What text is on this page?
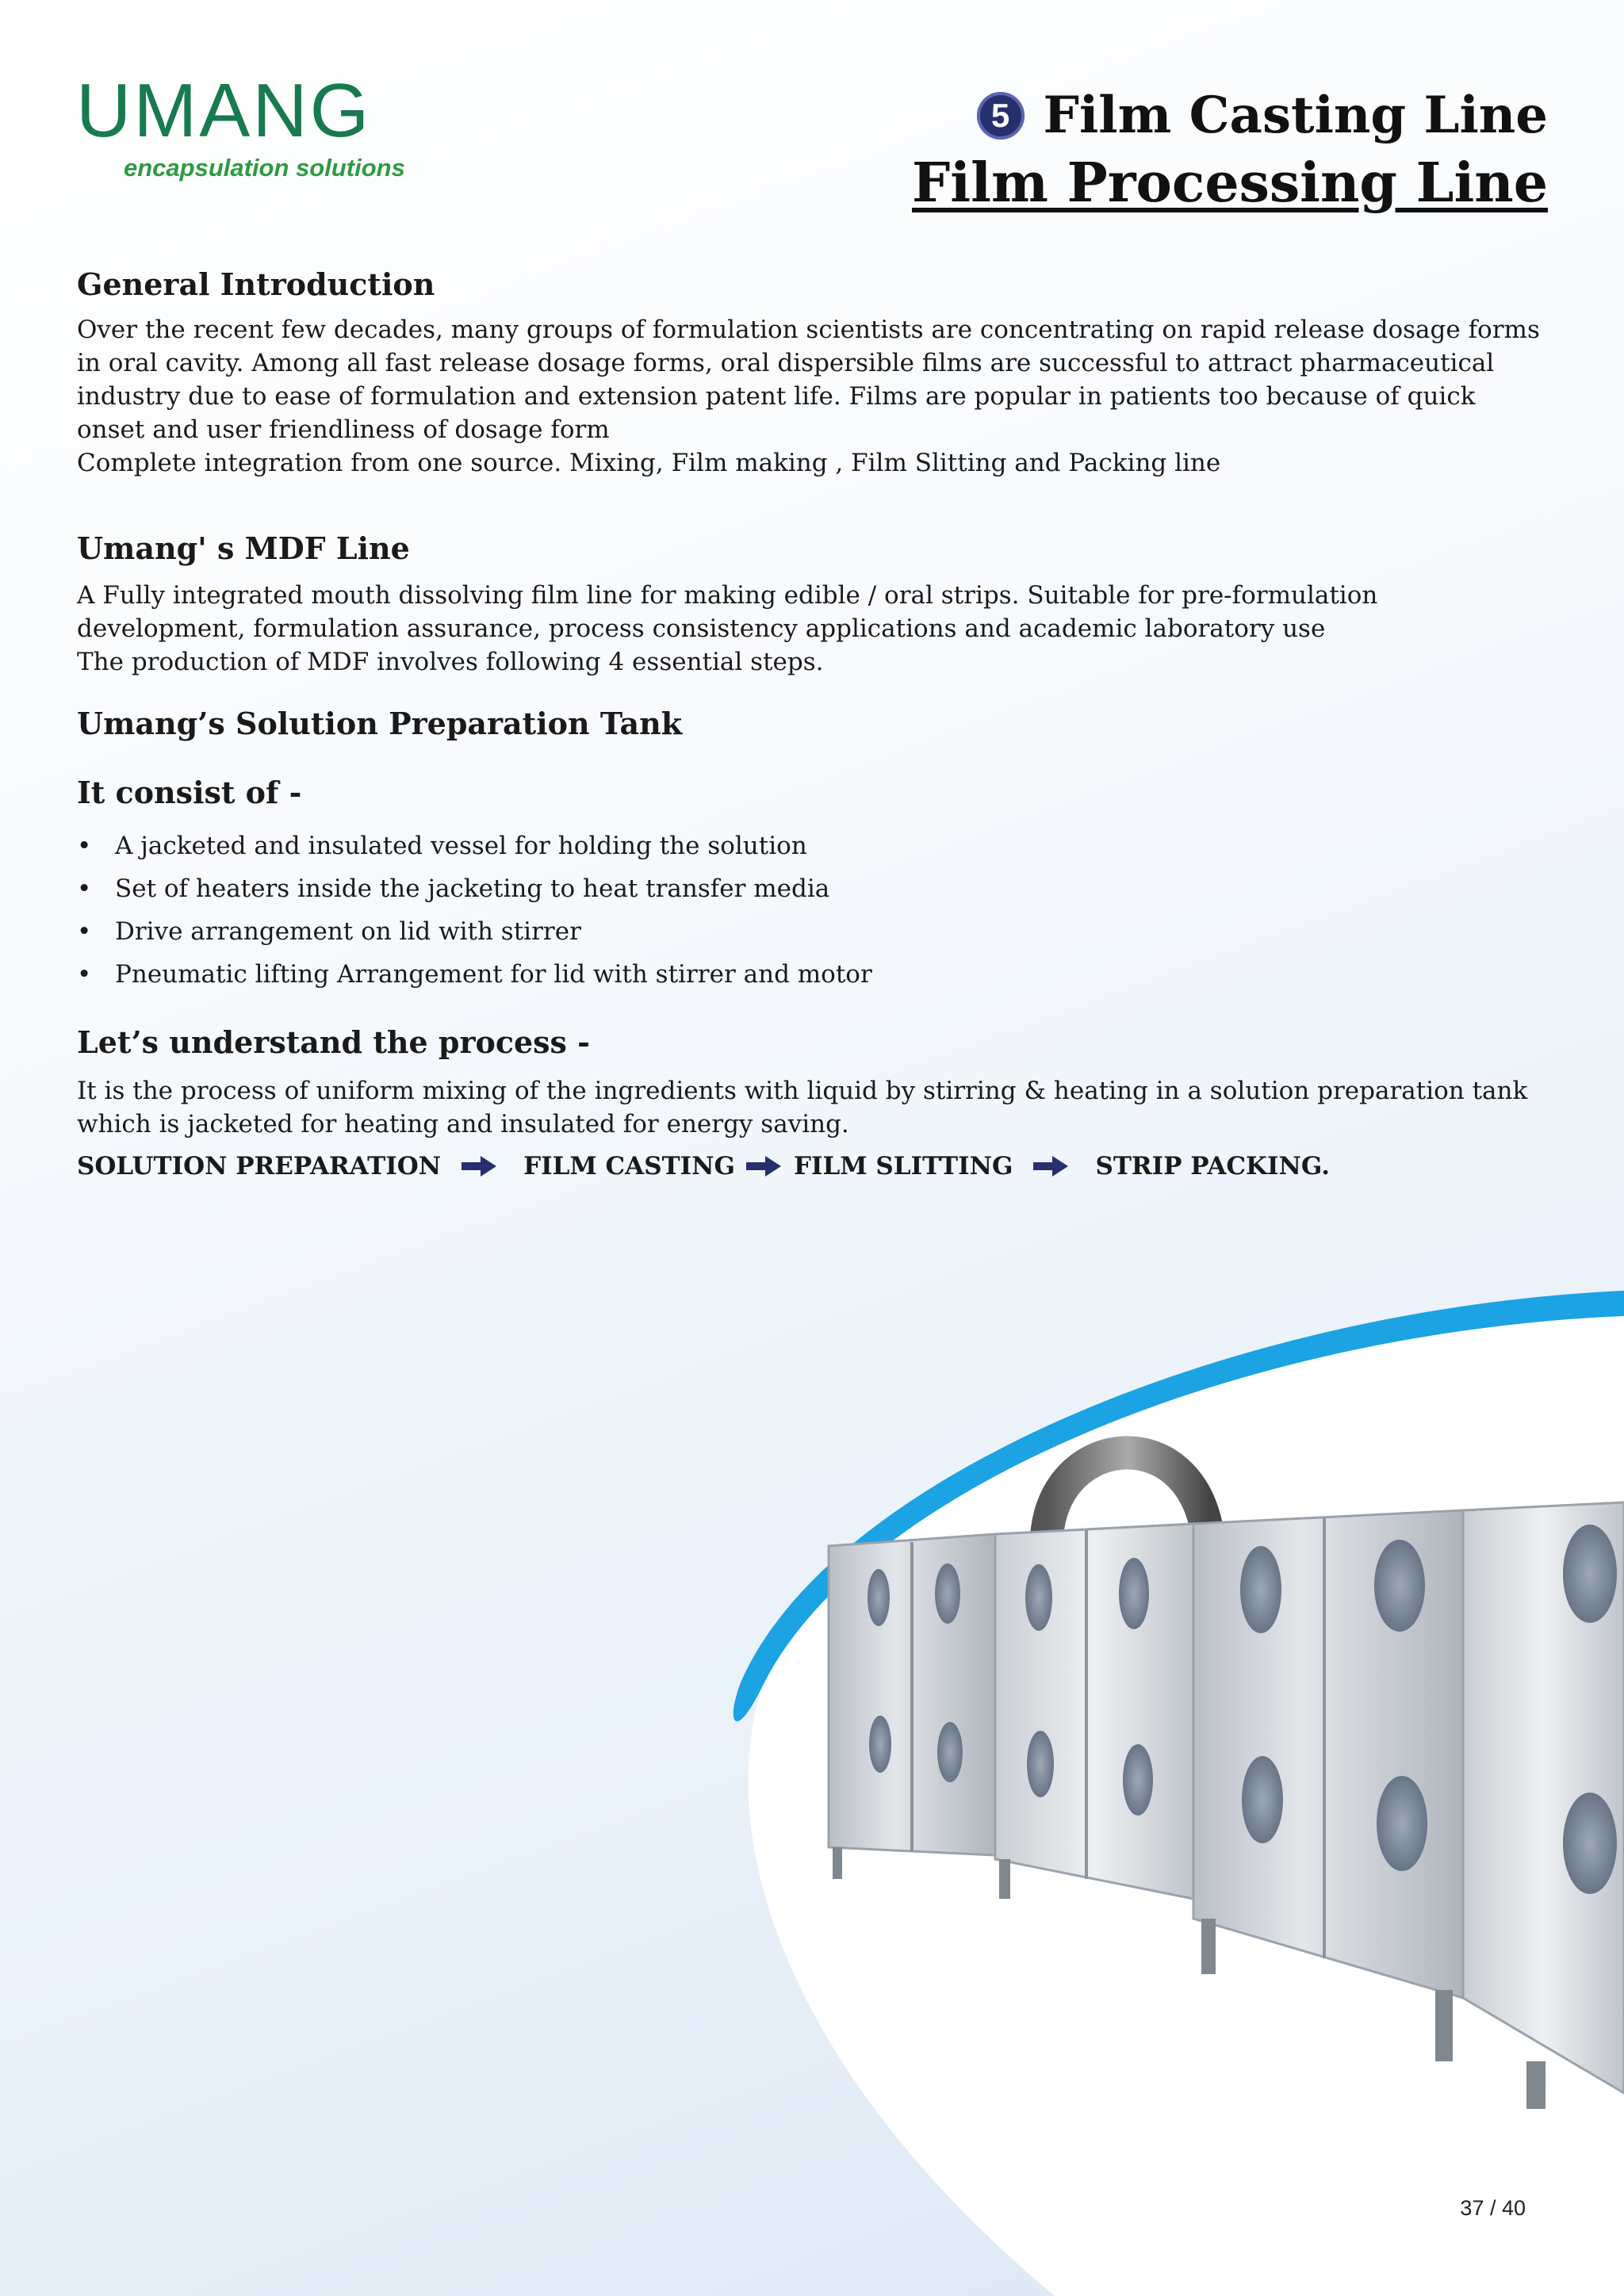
UMANG
encapsulation solutions
5 Film Casting Line
Film Processing Line
General Introduction

Over the recent few decades, many groups of formulation scientists are concentrating on rapid release dosage forms in oral cavity. Among all fast release dosage forms, oral dispersible films are successful to attract pharmaceutical industry due to ease of formulation and extension patent life. Films are popular in patients too because of quick onset and user friendliness of dosage form

Complete integration from one source. Mixing, Film making , Film Slitting and Packing line

Umang' s MDF Line

A Fully integrated mouth dissolving film line for making edible / oral strips. Suitable for pre-formulation development, formulation assurance, process consistency applications and academic laboratory use

The production of MDF involves following 4 essential steps.

Umang’s Solution Preparation Tank
It consist of -
• A jacketed and insulated vessel for holding the solution
• Set of heaters inside the jacketing to heat transfer media
• Drive arrangement on lid with stirrer
• Pneumatic lifting Arrangement for lid with stirrer and motor
Let’s understand the process -

It is the process of uniform mixing of the ingredients with liquid by stirring & heating in a solution preparation tank which is jacketed for heating and insulated for energy saving.

SOLUTION PREPARATION	FILM CASTING FILM SLITTING	STRIP PACKING.
37 / 40
